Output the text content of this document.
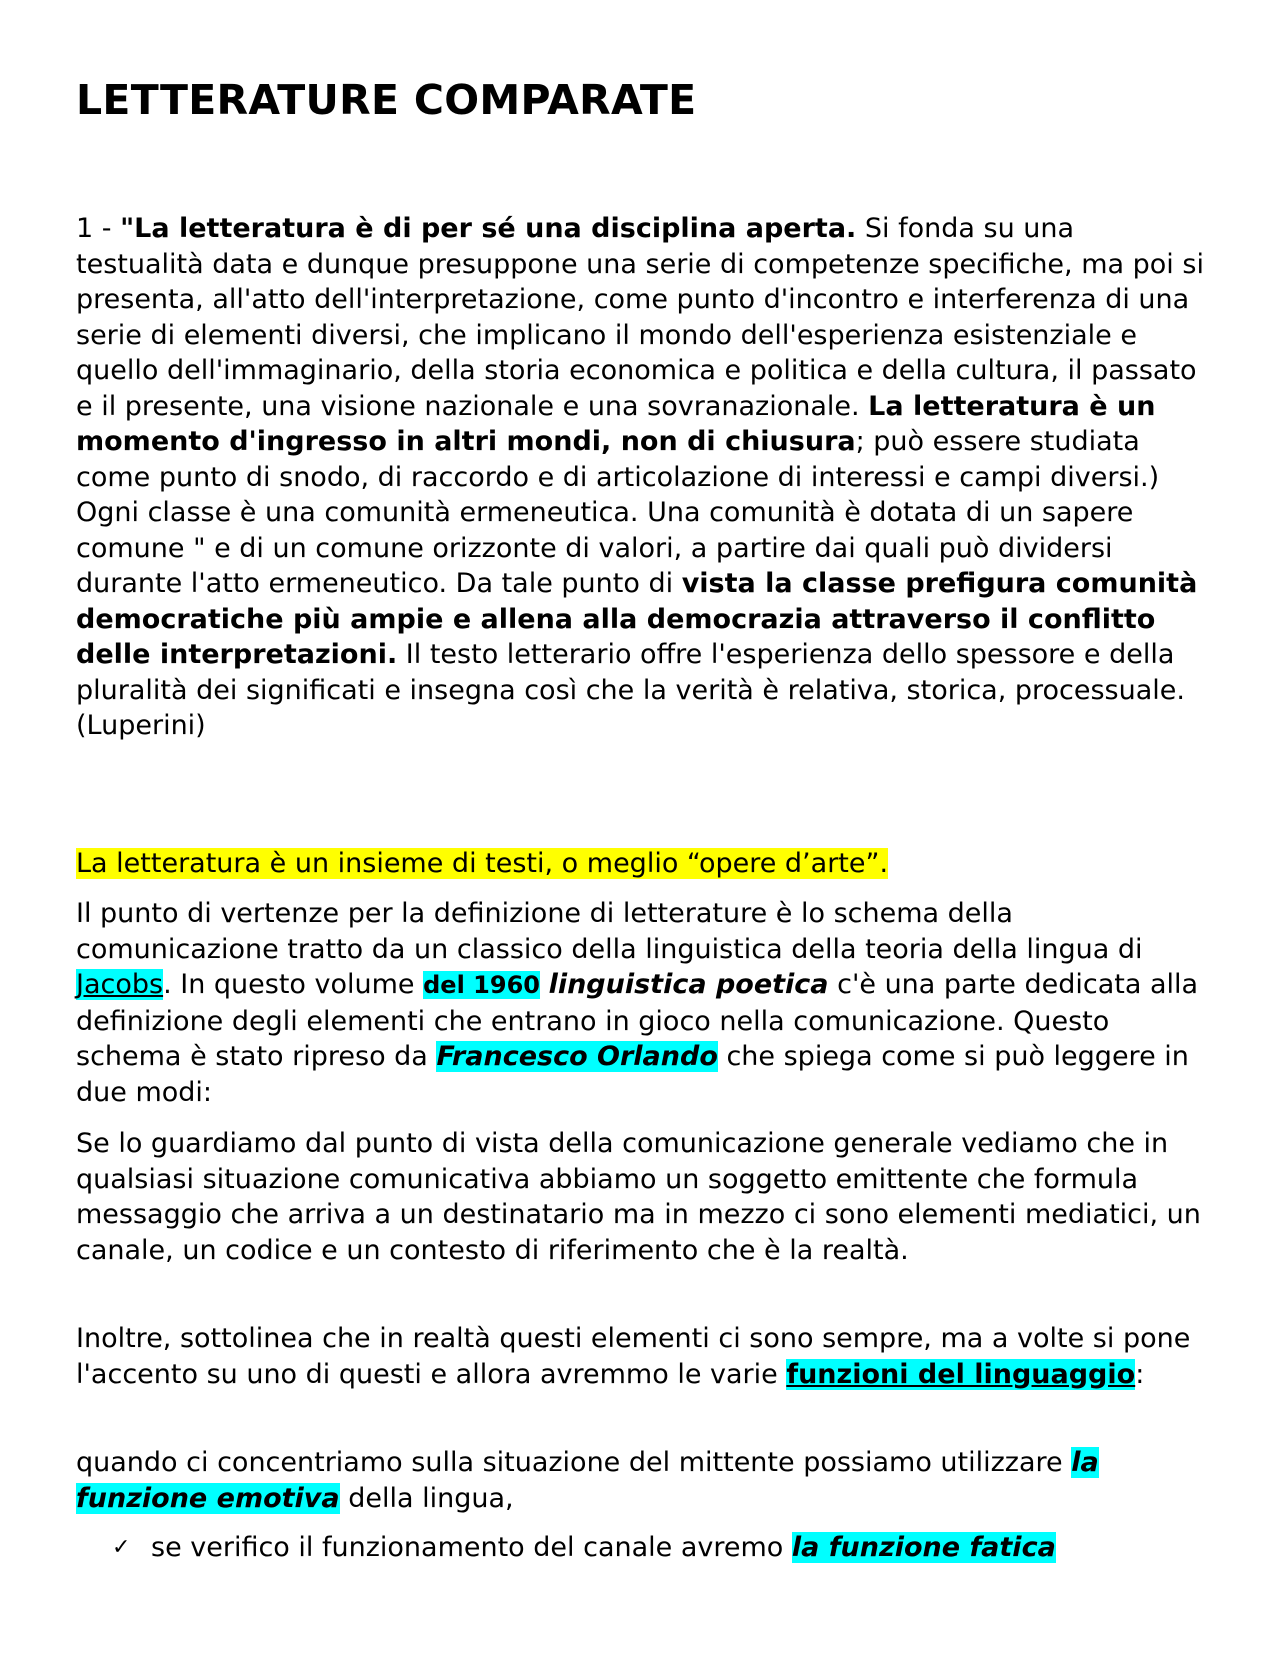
LETTERATURE COMPARATE

1 - "La letteratura è di per sé una disciplina aperta. Si fonda su una testualità data e dunque presuppone una serie di competenze specifiche, ma poi si presenta, all'atto dell'interpretazione, come punto d'incontro e interferenza di una serie di elementi diversi, che implicano il mondo dell'esperienza esistenziale e quello dell'immaginario, della storia economica e politica e della cultura, il passato e il presente, una visione nazionale e una sovranazionale. La letteratura è un momento d'ingresso in altri mondi, non di chiusura; può essere studiata come punto di snodo, di raccordo e di articolazione di interessi e campi diversi.) Ogni classe è una comunità ermeneutica. Una comunità è dotata di un sapere comune " e di un comune orizzonte di valori, a partire dai quali può dividersi durante l'atto ermeneutico. Da tale punto di vista la classe prefigura comunità democratiche più ampie e allena alla democrazia attraverso il conflitto delle interpretazioni. Il testo letterario offre l'esperienza dello spessore e della pluralità dei significati e insegna così che la verità è relativa, storica, processuale. (Luperini)

La letteratura è un insieme di testi, o meglio “opere d’arte”.

Il punto di vertenze per la definizione di letterature è lo schema della comunicazione tratto da un classico della linguistica della teoria della lingua di Jacobs. In questo volume del 1960 linguistica poetica c'è una parte dedicata alla definizione degli elementi che entrano in gioco nella comunicazione. Questo schema è stato ripreso da Francesco Orlando che spiega come si può leggere in due modi:

Se lo guardiamo dal punto di vista della comunicazione generale vediamo che in qualsiasi situazione comunicativa abbiamo un soggetto emittente che formula messaggio che arriva a un destinatario ma in mezzo ci sono elementi mediatici, un canale, un codice e un contesto di riferimento che è la realtà.

Inoltre, sottolinea che in realtà questi elementi ci sono sempre, ma a volte si pone l'accento su uno di questi e allora avremmo le varie funzioni del linguaggio:

quando ci concentriamo sulla situazione del mittente possiamo utilizzare la funzione emotiva della lingua,

✓ se verifico il funzionamento del canale avremo la funzione fatica
